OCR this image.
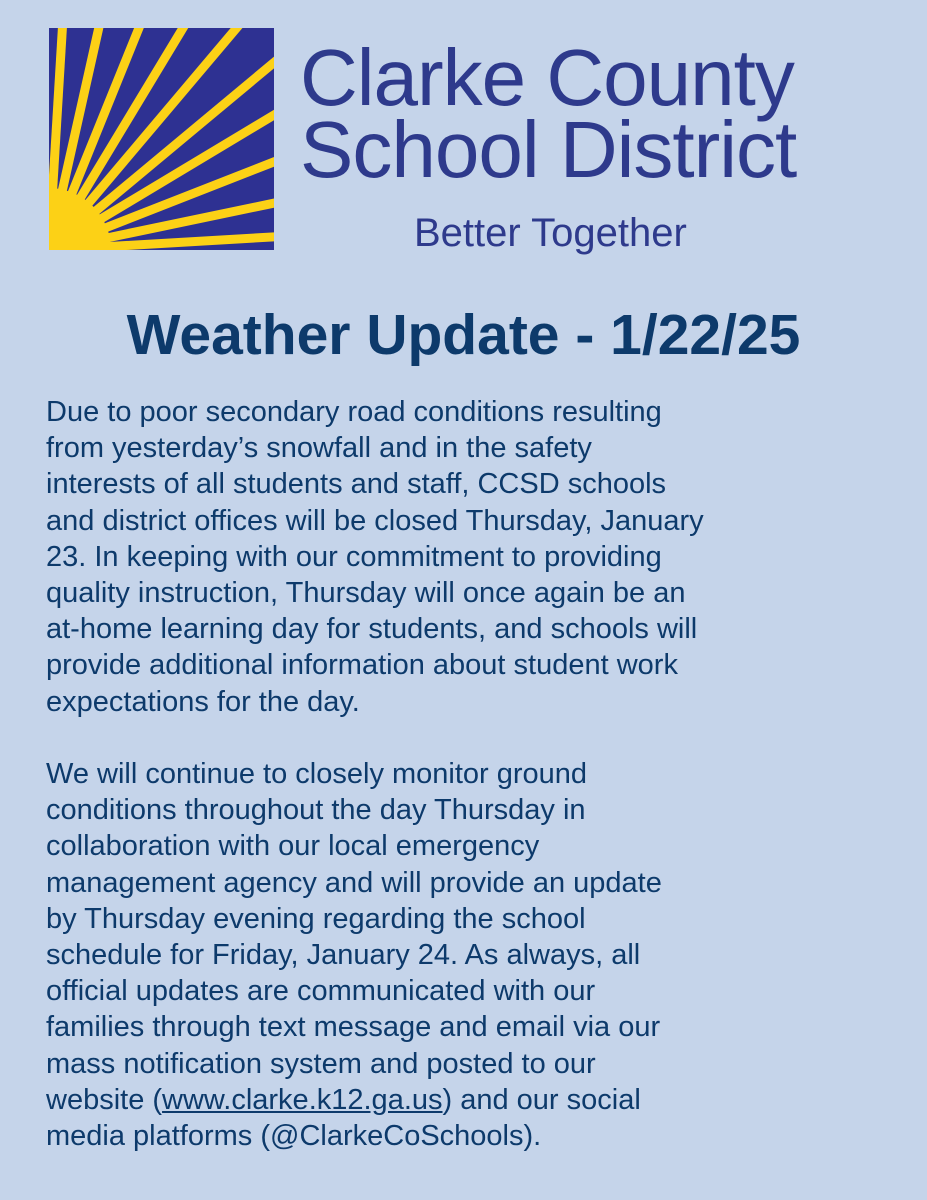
Clarke County
School District
Better Together
Weather Update - 1/22/25
Due to poor secondary road conditions resulting
from yesterday’s snowfall and in the safety
interests of all students and staff, CCSD schools
and district offices will be closed Thursday, January
23. In keeping with our commitment to providing
quality instruction, Thursday will once again be an
at-home learning day for students, and schools will
provide additional information about student work
expectations for the day.
We will continue to closely monitor ground
conditions throughout the day Thursday in
collaboration with our local emergency
management agency and will provide an update
by Thursday evening regarding the school
schedule for Friday, January 24. As always, all
official updates are communicated with our
families through text message and email via our
mass notification system and posted to our
website (www.clarke.k12.ga.us) and our social
media platforms (@ClarkeCoSchools).
